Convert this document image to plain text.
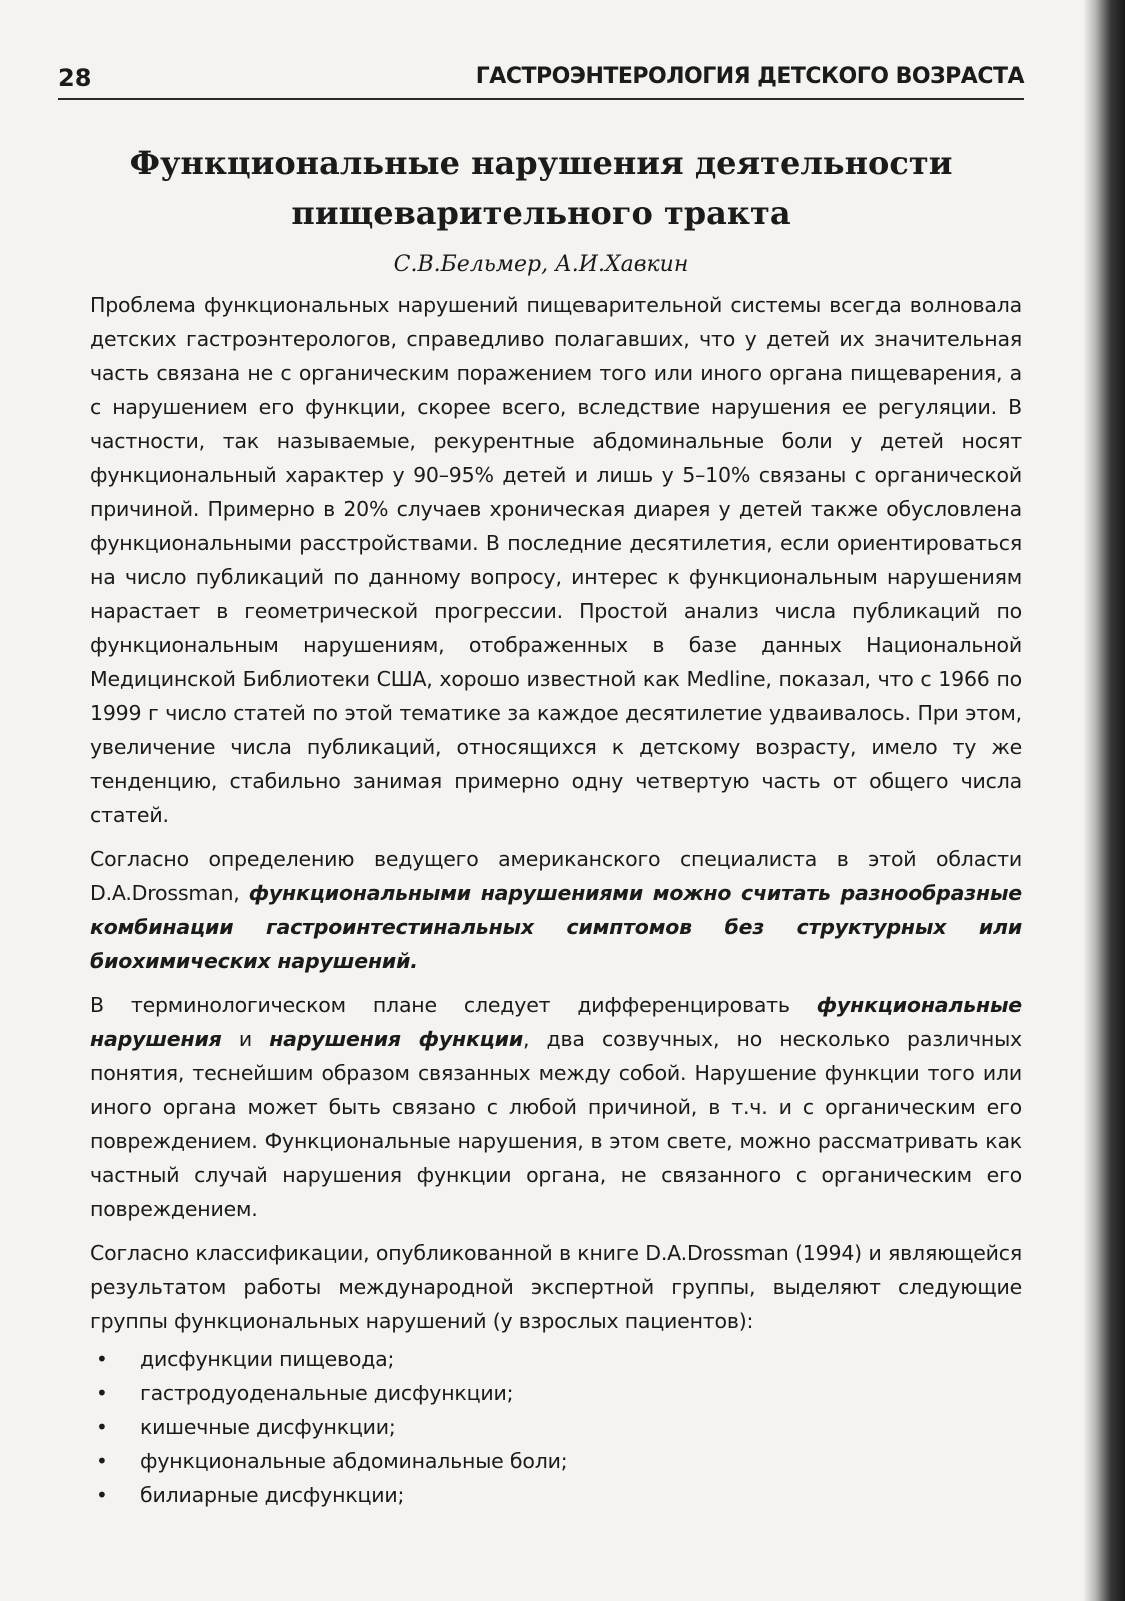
28	ГАСТРОЭНТЕРОЛОГИЯ ДЕТСКОГО ВОЗРАСТА
Функциональные нарушения деятельности
пищеварительного тракта
С.В.Бельмер, А.И.Хавкин

Проблема функциональных нарушений пищеварительной системы всегда волновала детских гастроэнтерологов, справедливо полагавших, что у детей их значительная часть связана не с органическим поражением того или иного органа пищеварения, а с нарушением его функции, скорее всего, вследствие нарушения ее регуляции. В частности, так называемые, рекурентные абдоминальные боли у детей носят функциональный характер у 90–95% детей и лишь у 5–10% связаны с органической причиной. Примерно в 20% случаев хроническая диарея у детей также обусловлена функциональными расстройствами. В последние десятилетия, если ориентироваться на число публикаций по данному вопросу, интерес к функциональным нарушениям нарастает в геометрической прогрессии. Простой анализ числа публикаций по функциональным нарушениям, отображенных в базе данных Национальной Медицинской Библиотеки США, хорошо известной как Medline, показал, что с 1966 по 1999 г число статей по этой тематике за каждое десятилетие удваивалось. При этом, увеличение числа публикаций, относящихся к детскому возрасту, имело ту же тенденцию, стабильно занимая примерно одну четвертую часть от общего числа статей.

Согласно определению ведущего американского специалиста в этой области D.A.Drossman, функциональными нарушениями можно считать разнообразные комбинации гастроинтестинальных симптомов без структурных или биохимических нарушений.

В терминологическом плане следует дифференцировать функциональные нарушения и нарушения функции, два созвучных, но несколько различных понятия, теснейшим образом связанных между собой. Нарушение функции того или иного органа может быть связано с любой причиной, в т.ч. и с органическим его повреждением. Функциональные нарушения, в этом свете, можно рассматривать как частный случай нарушения функции органа, не связанного с органическим его повреждением.

Согласно классификации, опубликованной в книге D.A.Drossman (1994) и являющейся результатом работы международной экспертной группы, выделяют следующие группы функциональных нарушений (у взрослых пациентов):

• дисфункции пищевода;
• гастродуоденальные дисфункции;
• кишечные дисфункции;
• функциональные абдоминальные боли;
• билиарные дисфункции;
